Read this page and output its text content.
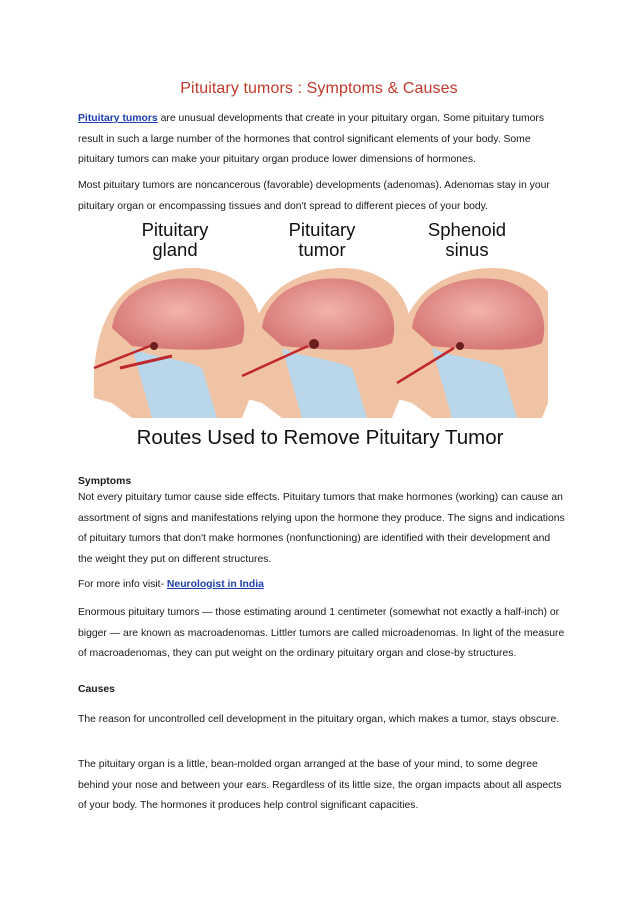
Pituitary tumors : Symptoms & Causes

Pituitary tumors are unusual developments that create in your pituitary organ. Some pituitary tumors result in such a large number of the hormones that control significant elements of your body. Some pituitary tumors can make your pituitary organ produce lower dimensions of hormones.

Most pituitary tumors are noncancerous (favorable) developments (adenomas). Adenomas stay in your pituitary organ or encompassing tissues and don't spread to different pieces of your body.

Pituitary
gland
Pituitary
tumor
Sphenoid
sinus
Routes Used to Remove Pituitary Tumor

Symptoms

Not every pituitary tumor cause side effects. Pituitary tumors that make hormones (working) can cause an assortment of signs and manifestations relying upon the hormone they produce. The signs and indications of pituitary tumors that don't make hormones (nonfunctioning) are identified with their development and the weight they put on different structures.

For more info visit- Neurologist in India

Enormous pituitary tumors — those estimating around 1 centimeter (somewhat not exactly a half-inch) or bigger — are known as macroadenomas. Littler tumors are called microadenomas. In light of the measure of macroadenomas, they can put weight on the ordinary pituitary organ and close-by structures.

Causes

The reason for uncontrolled cell development in the pituitary organ, which makes a tumor, stays obscure.

The pituitary organ is a little, bean-molded organ arranged at the base of your mind, to some degree behind your nose and between your ears. Regardless of its little size, the organ impacts about all aspects of your body. The hormones it produces help control significant capacities.
